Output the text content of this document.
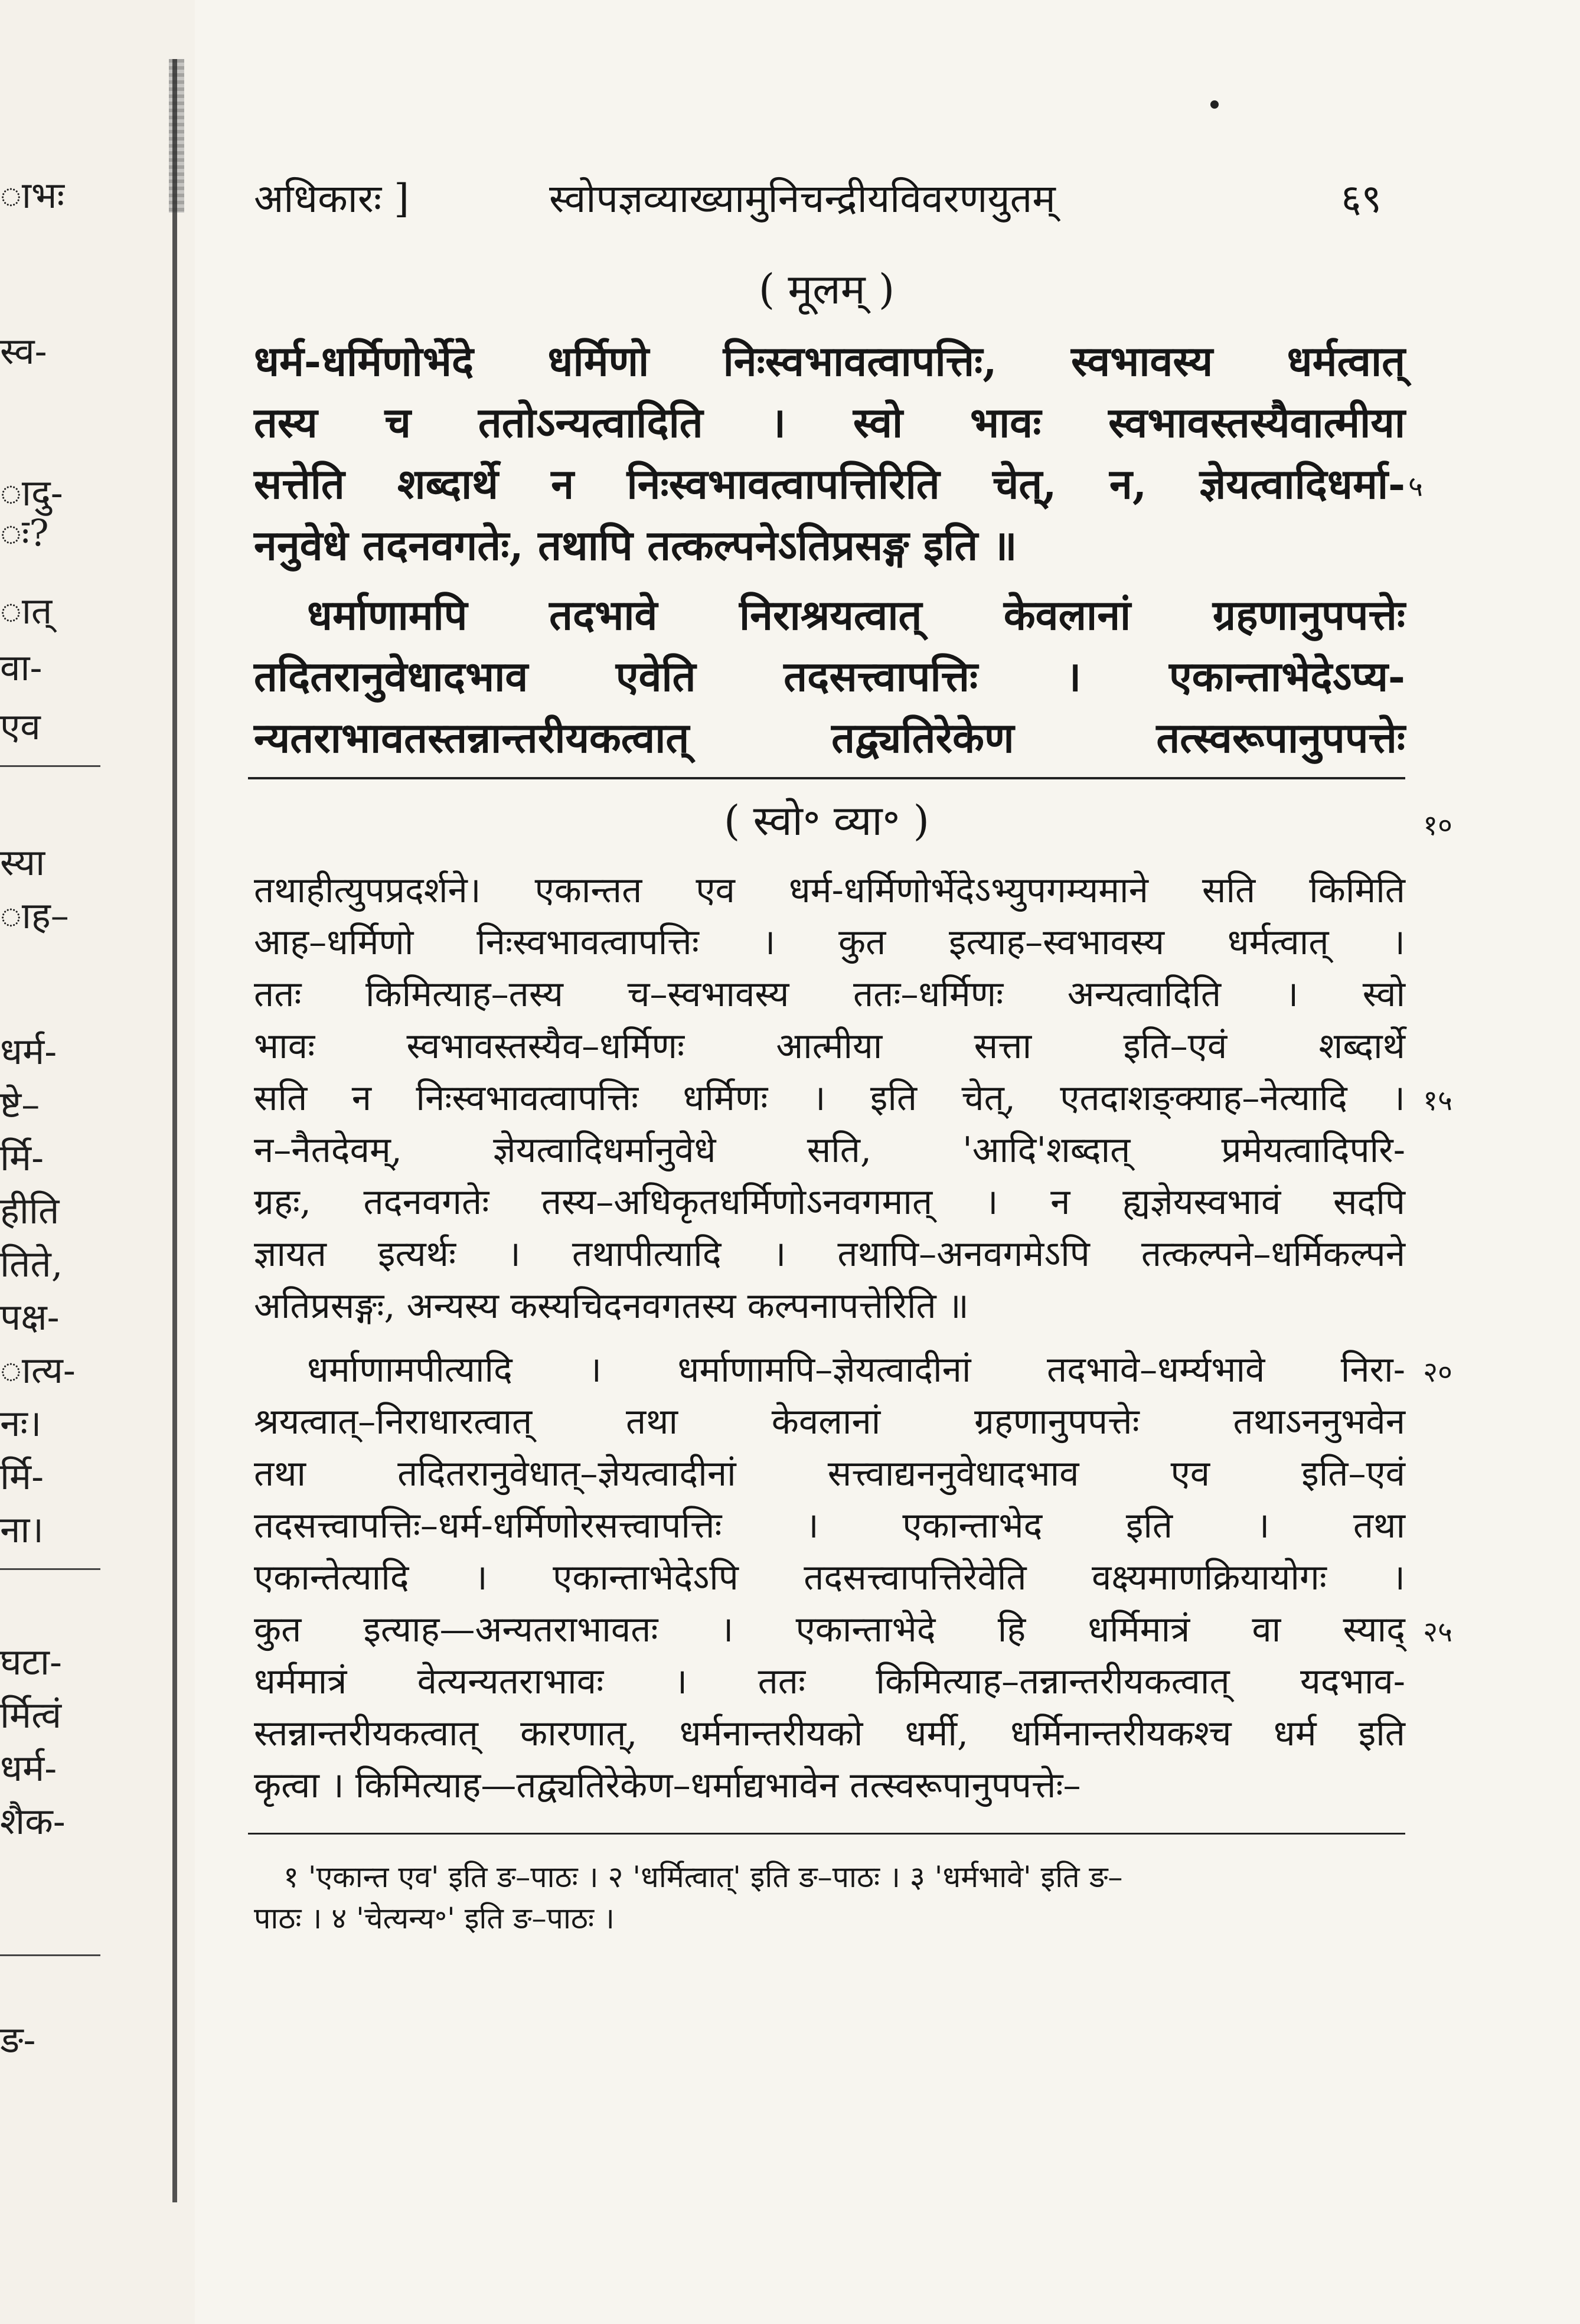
ाभः
स्व-
ादु-
ः?
ात्
वा-
एव
स्या
ाह–
धर्म-
ष्टे–
र्मि-
हीति
तिते,
पक्ष-
ात्य-
नः।
र्मि-
ना।
घटा-
र्मित्वं
धर्म-
शैक-
ङ-
अधिकारः ]	स्वोपज्ञव्याख्यामुनिचन्द्रीयविवरणयुतम्	६९
( मूलम् )
धर्म-धर्मिणोर्भेदे धर्मिणो निःस्वभावत्वापत्तिः, स्वभावस्य धर्मत्वात्
तस्य च ततोऽन्यत्वादिति । स्वो भावः स्वभावस्तस्यैवात्मीया
सत्तेति शब्दार्थे न निःस्वभावत्वापत्तिरिति चेत्, न, ज्ञेयत्वादिधर्मा-
ननुवेधे तदनवगतेः, तथापि तत्कल्पनेऽतिप्रसङ्ग इति ॥
धर्माणामपि तदभावे निराश्रयत्वात् केवलानां ग्रहणानुपपत्तेः
तदितरानुवेधादभाव एवेति तदसत्त्वापत्तिः । एकान्ताभेदेऽप्य-
न्यतराभावतस्तन्नान्तरीयकत्वात् तद्व्यतिरेकेण तत्स्वरूपानुपपत्तेः
५
( स्वो॰ व्या॰ )	१०
तथाहीत्युपप्रदर्शने। एकान्तत एव धर्म-धर्मिणोर्भेदेऽभ्युपगम्यमाने सति किमिति
आह–धर्मिणो निःस्वभावत्वापत्तिः । कुत इत्याह–स्वभावस्य धर्मत्वात् ।
ततः किमित्याह–तस्य च–स्वभावस्य ततः–धर्मिणः अन्यत्वादिति । स्वो
भावः स्वभावस्तस्यैव–धर्मिणः आत्मीया सत्ता इति–एवं शब्दार्थे
सति न निःस्वभावत्वापत्तिः धर्मिणः । इति चेत्, एतदाशङ्क्याह–नेत्यादि ।
न–नैतदेवम्, ज्ञेयत्वादिधर्मानुवेधे सति, 'आदि'शब्दात् प्रमेयत्वादिपरि-
ग्रहः, तदनवगतेः तस्य–अधिकृतधर्मिणोऽनवगमात् । न ह्यज्ञेयस्वभावं सदपि
ज्ञायत इत्यर्थः । तथापीत्यादि । तथापि–अनवगमेऽपि तत्कल्पने–धर्मिकल्पने
अतिप्रसङ्गः, अन्यस्य कस्यचिदनवगतस्य कल्पनापत्तेरिति ॥
धर्माणामपीत्यादि । धर्माणामपि–ज्ञेयत्वादीनां तदभावे–धर्म्यभावे निरा-
श्रयत्वात्–निराधारत्वात् तथा केवलानां ग्रहणानुपपत्तेः तथाऽननुभवेन
तथा तदितरानुवेधात्–ज्ञेयत्वादीनां सत्त्वाद्यननुवेधादभाव एव इति–एवं
तदसत्त्वापत्तिः–धर्म-धर्मिणोरसत्त्वापत्तिः । एकान्ताभेद इति । तथा
एकान्तेत्यादि । एकान्ताभेदेऽपि तदसत्त्वापत्तिरेवेति वक्ष्यमाणक्रियायोगः ।
कुत इत्याह—अन्यतराभावतः । एकान्ताभेदे हि धर्मिमात्रं वा स्याद्
धर्ममात्रं वेत्यन्यतराभावः । ततः किमित्याह–तन्नान्तरीयकत्वात् यदभाव-
स्तन्नान्तरीयकत्वात् कारणात्, धर्मनान्तरीयको धर्मी, धर्मिनान्तरीयकश्च धर्म इति
कृत्वा । किमित्याह—तद्व्यतिरेकेण–धर्माद्यभावेन तत्स्वरूपानुपपत्तेः–
१५
२०
२५
१ 'एकान्त एव' इति ङ–पाठः । २ 'धर्मित्वात्' इति ङ–पाठः । ३ 'धर्मभावे' इति ङ–
पाठः । ४ 'चेत्यन्य॰' इति ङ–पाठः ।
